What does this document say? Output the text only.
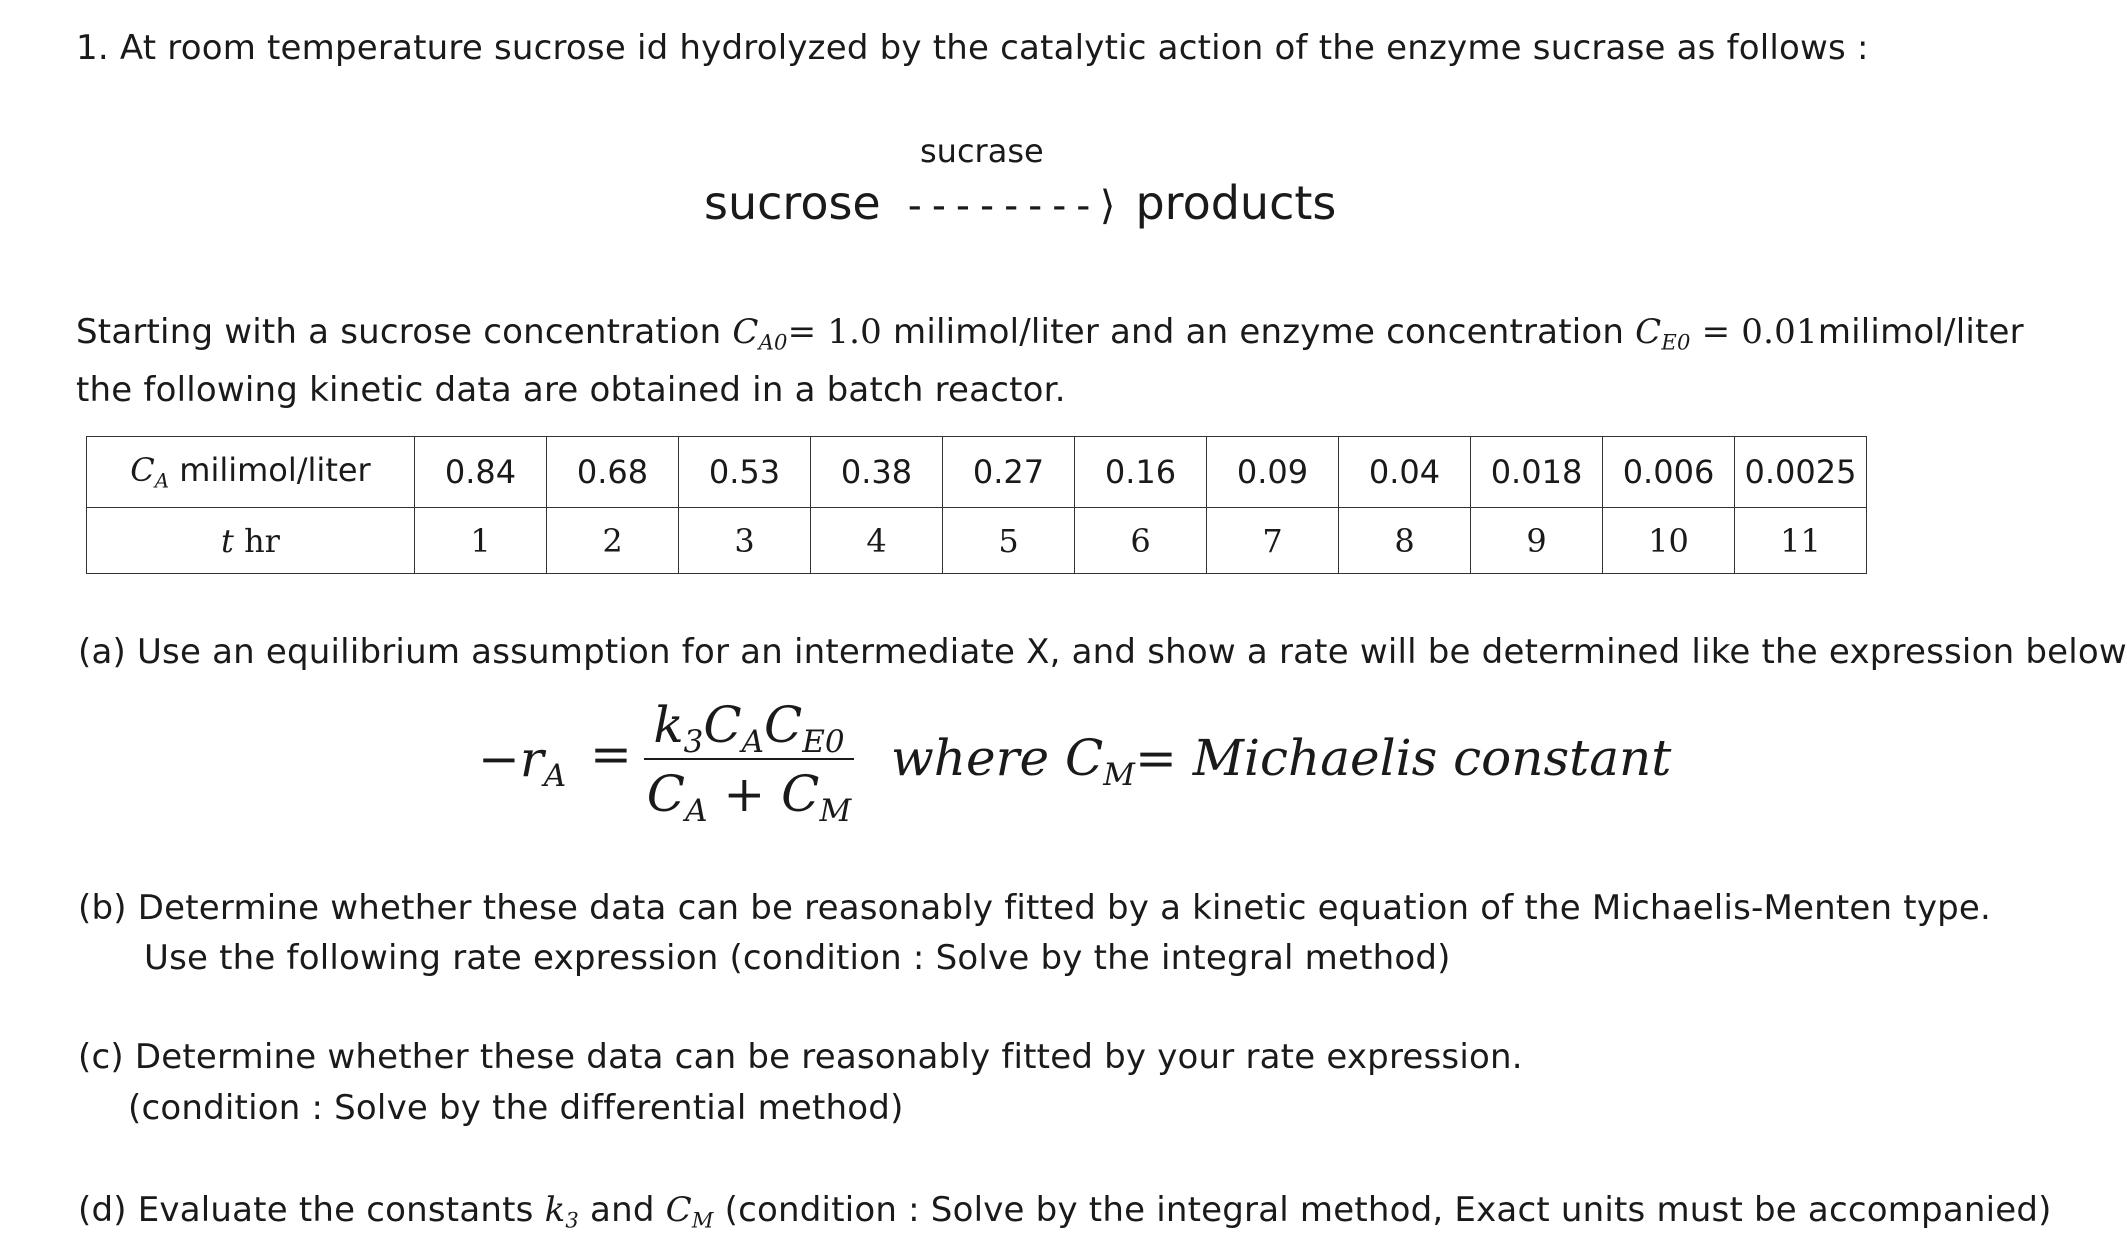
1. At room temperature sucrose id hydrolyzed by the catalytic action of the enzyme sucrase as follows :
sucrase
sucrose --------⟩ products
Starting with a sucrose concentration $C_{A0}= 1.0$ milimol/liter and an enzyme concentration $C_{E0}$ = 0.01milimol/liter
the following kinetic data are obtained in a batch reactor.
$C_A$ milimol/liter	0.84	0.68	0.53	0.38	0.27	0.16	0.09	0.04	0.018	0.006	0.0025
t hr	1	2	3	4	5	6	7	8	9	10	11
(a) Use an equilibrium assumption for an intermediate X, and show a rate will be determined like the expression below
$-r_A = k_3C_AC_{E0}$
$C_A + C_M$
where $C_M=$ Michaelis constant
(b) Determine whether these data can be reasonably fitted by a kinetic equation of the Michaelis-Menten type.
Use the following rate expression (condition : Solve by the integral method)
(c) Determine whether these data can be reasonably fitted by your rate expression.
(condition : Solve by the differential method)
(d) Evaluate the constants $k_3$ and $C_M$ (condition : Solve by the integral method, Exact units must be accompanied)
